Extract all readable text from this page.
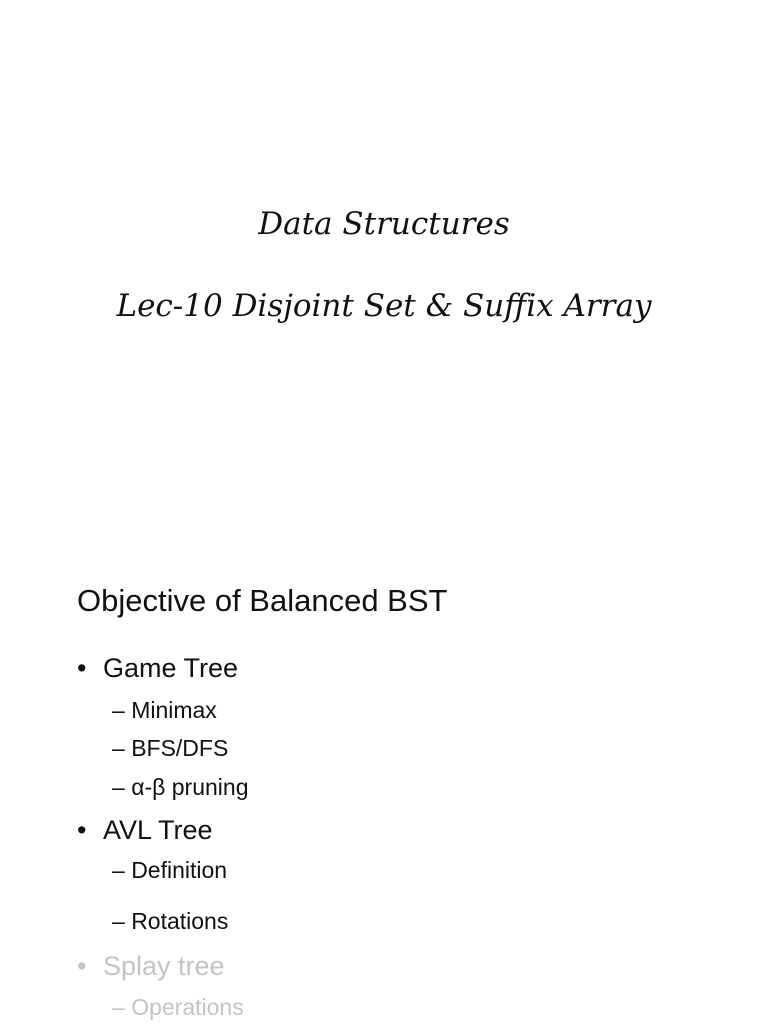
Data Structures
Lec-10 Disjoint Set & Suffix Array
Objective of Balanced BST
• Game Tree
– Minimax
– BFS/DFS
– α-β pruning
• AVL Tree
– Definition
– Rotations
• Splay tree
– Operations
